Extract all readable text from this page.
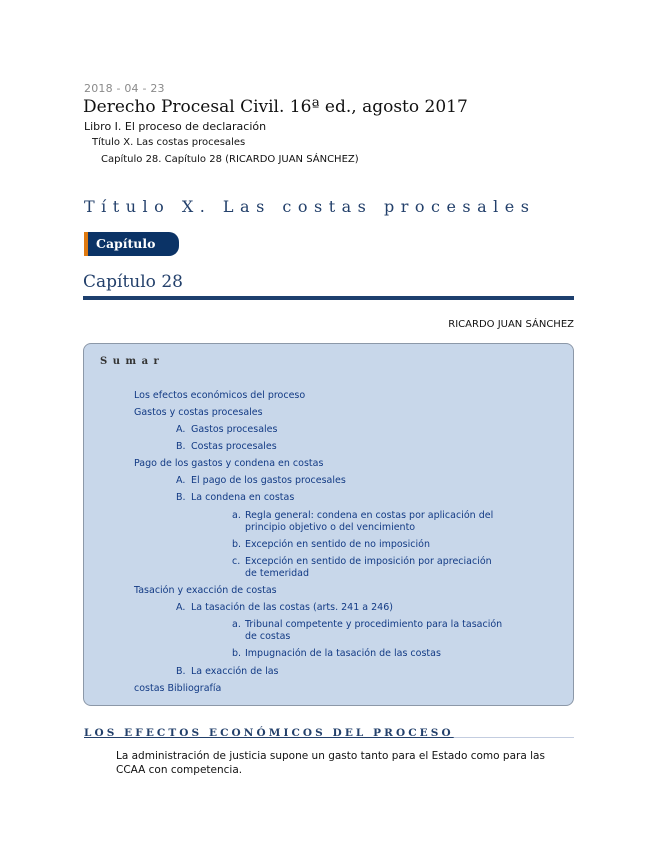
2018 - 04 - 23
Derecho Procesal Civil. 16ª ed., agosto 2017
Libro I. El proceso de declaración
Título X. Las costas procesales
Capítulo 28. Capítulo 28 (RICARDO JUAN SÁNCHEZ)
Título X. Las costas procesales
Capítulo
Capítulo 28
RICARDO JUAN SÁNCHEZ
Sumar
Los efectos económicos del proceso
Gastos y costas procesales
A. Gastos procesales
B. Costas procesales
Pago de los gastos y condena en costas
A. El pago de los gastos procesales
B. La condena en costas
a. Regla general: condena en costas por aplicación del
principio objetivo o del vencimiento
b. Excepción en sentido de no imposición
c. Excepción en sentido de imposición por apreciación
de temeridad
Tasación y exacción de costas
A. La tasación de las costas (arts. 241 a 246)
a. Tribunal competente y procedimiento para la tasación
de costas
b. Impugnación de la tasación de las costas
B. La exacción de las
costas Bibliografía
LOS EFECTOS ECONÓMICOS DEL PROCESO
La administración de justicia supone un gasto tanto para el Estado como para las CCAA con competencia.
